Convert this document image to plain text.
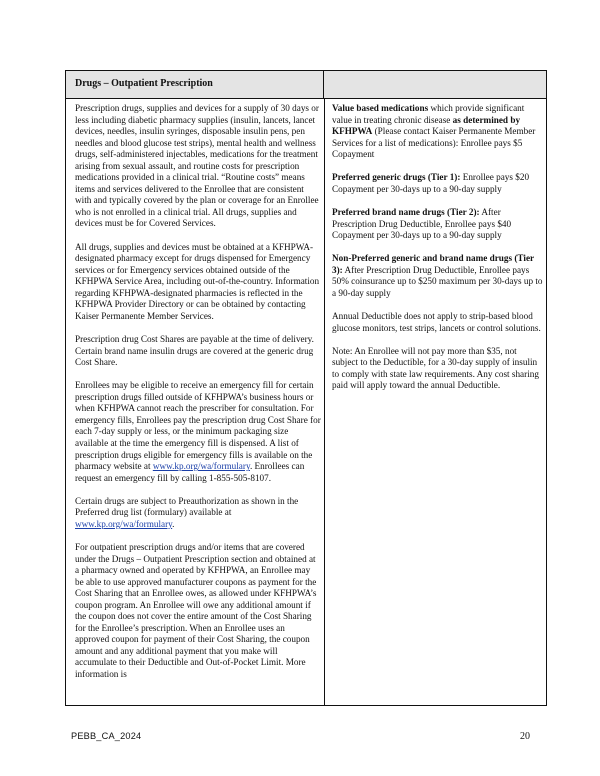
Drugs – Outpatient Prescription

Prescription drugs, supplies and devices for a supply of 30 days or less including diabetic pharmacy supplies (insulin, lancets, lancet devices, needles, insulin syringes, disposable insulin pens, pen needles and blood glucose test strips), mental health and wellness drugs, self-administered injectables, medications for the treatment arising from sexual assault, and routine costs for prescription medications provided in a clinical trial. “Routine costs” means items and services delivered to the Enrollee that are consistent with and typically covered by the plan or coverage for an Enrollee who is not enrolled in a clinical trial. All drugs, supplies and devices must be for Covered Services.

All drugs, supplies and devices must be obtained at a KFHPWA-designated pharmacy except for drugs dispensed for Emergency services or for Emergency services obtained outside of the KFHPWA Service Area, including out-of-the-country. Information regarding KFHPWA-designated pharmacies is reflected in the KFHPWA Provider Directory or can be obtained by contacting Kaiser Permanente Member Services.

Prescription drug Cost Shares are payable at the time of delivery. Certain brand name insulin drugs are covered at the generic drug Cost Share.

Enrollees may be eligible to receive an emergency fill for certain prescription drugs filled outside of KFHPWA’s business hours or when KFHPWA cannot reach the prescriber for consultation. For emergency fills, Enrollees pay the prescription drug Cost Share for each 7-day supply or less, or the minimum packaging size available at the time the emergency fill is dispensed. A list of prescription drugs eligible for emergency fills is available on the pharmacy website at www.kp.org/wa/formulary. Enrollees can request an emergency fill by calling 1-855-505-8107.

Certain drugs are subject to Preauthorization as shown in the Preferred drug list (formulary) available at www.kp.org/wa/formulary.

For outpatient prescription drugs and/or items that are covered under the Drugs – Outpatient Prescription section and obtained at a pharmacy owned and operated by KFHPWA, an Enrollee may be able to use approved manufacturer coupons as payment for the Cost Sharing that an Enrollee owes, as allowed under KFHPWA’s coupon program. An Enrollee will owe any additional amount if the coupon does not cover the entire amount of the Cost Sharing for the Enrollee’s prescription. When an Enrollee uses an approved coupon for payment of their Cost Sharing, the coupon amount and any additional payment that you make will accumulate to their Deductible and Out-of-Pocket Limit. More information is

Value based medications which provide significant value in treating chronic disease as determined by KFHPWA (Please contact Kaiser Permanente Member Services for a list of medications): Enrollee pays $5 Copayment

Preferred generic drugs (Tier 1): Enrollee pays $20 Copayment per 30-days up to a 90-day supply

Preferred brand name drugs (Tier 2): After Prescription Drug Deductible, Enrollee pays $40 Copayment per 30-days up to a 90-day supply

Non-Preferred generic and brand name drugs (Tier 3): After Prescription Drug Deductible, Enrollee pays 50% coinsurance up to $250 maximum per 30-days up to a 90-day supply

Annual Deductible does not apply to strip-based blood glucose monitors, test strips, lancets or control solutions.

Note: An Enrollee will not pay more than $35, not subject to the Deductible, for a 30-day supply of insulin to comply with state law requirements. Any cost sharing paid will apply toward the annual Deductible.

PEBB_CA_2024	20
